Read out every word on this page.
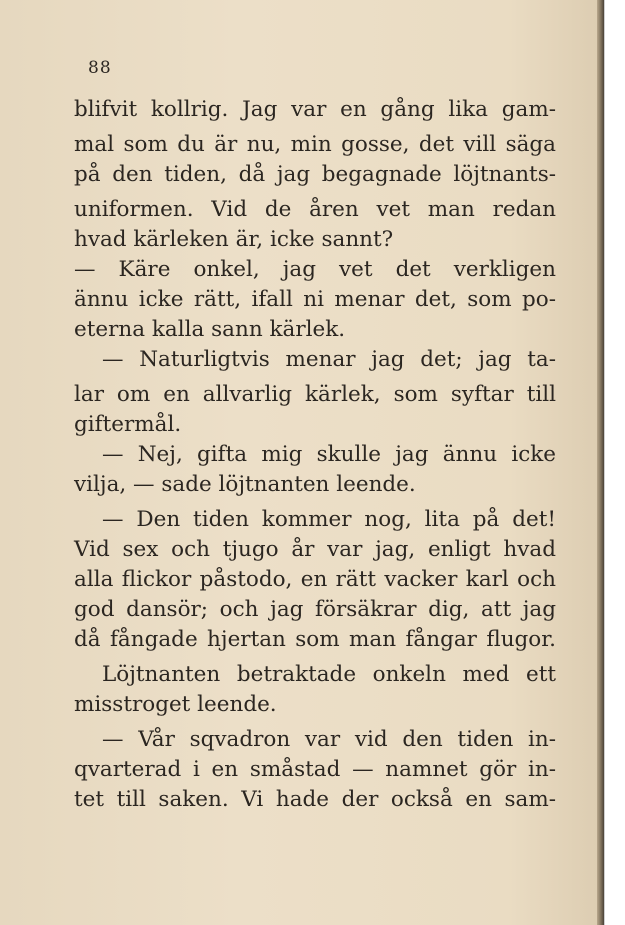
88
blifvit kollrig. Jag var en gång lika gam-
mal som du är nu, min gosse, det vill säga
på den tiden, då jag begagnade löjtnants-
uniformen. Vid de åren vet man redan
hvad kärleken är, icke sannt?
— Käre onkel, jag vet det verkligen
ännu icke rätt, ifall ni menar det, som po-
eterna kalla sann kärlek.
— Naturligtvis menar jag det; jag ta-
lar om en allvarlig kärlek, som syftar till
giftermål.
— Nej, gifta mig skulle jag ännu icke
vilja, — sade löjtnanten leende.
— Den tiden kommer nog, lita på det!
Vid sex och tjugo år var jag, enligt hvad
alla flickor påstodo, en rätt vacker karl och
god dansör; och jag försäkrar dig, att jag
då fångade hjertan som man fångar flugor.
Löjtnanten betraktade onkeln med ett
misstroget leende.
— Vår sqvadron var vid den tiden in-
qvarterad i en småstad — namnet gör in-
tet till saken. Vi hade der också en sam-
